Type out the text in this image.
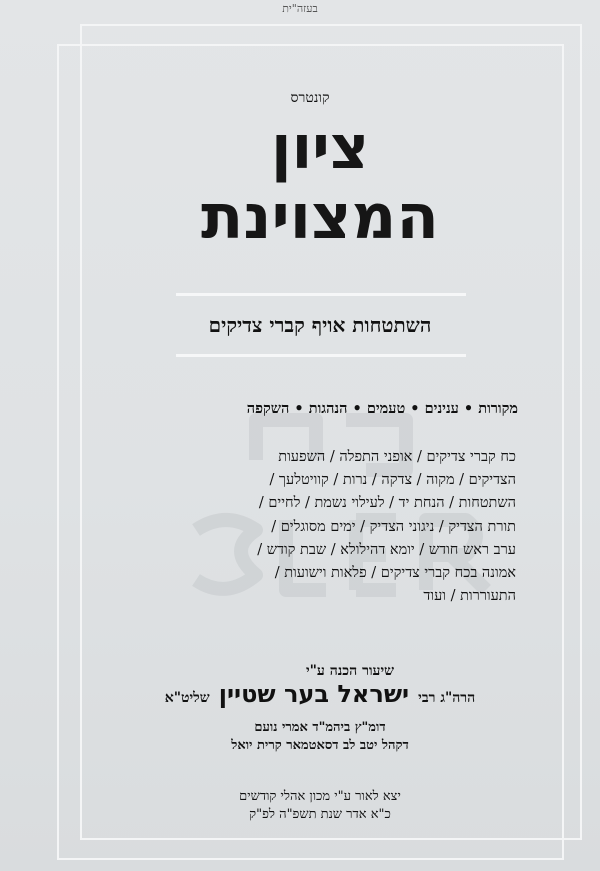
בעזה"ית
קונטרס
ציון
המצוינת
השתטחות אויף קברי צדיקים
מקורות • ענינים • טעמים • הנהגות • השקפה
כח קברי צדיקים / אופני התפלה / השפעות
הצדיקים / מקוה / צדקה / נרות / קוויטלעך /
השתטחות / הנחת יד / לעילוי נשמת / לחיים /
תורת הצדיק / ניגוני הצדיק / ימים מסוגלים /
ערב ראש חודש / יומא דהילולא / שבת קודש /
אמונה בכח קברי צדיקים / פלאות וישועות /
התעוררות / ועוד
שיעור הכנה ע"י
הרה"ג רבי ישראל בער שטיין שליט"א
דומ"ץ ביהמ"ד אמרי נועם
דקהל יטב לב דסאטמאר קרית יואל
יצא לאור ע"י מכון אהלי קודשים
כ"א אדר שנת תשפ"ה לפ"ק
